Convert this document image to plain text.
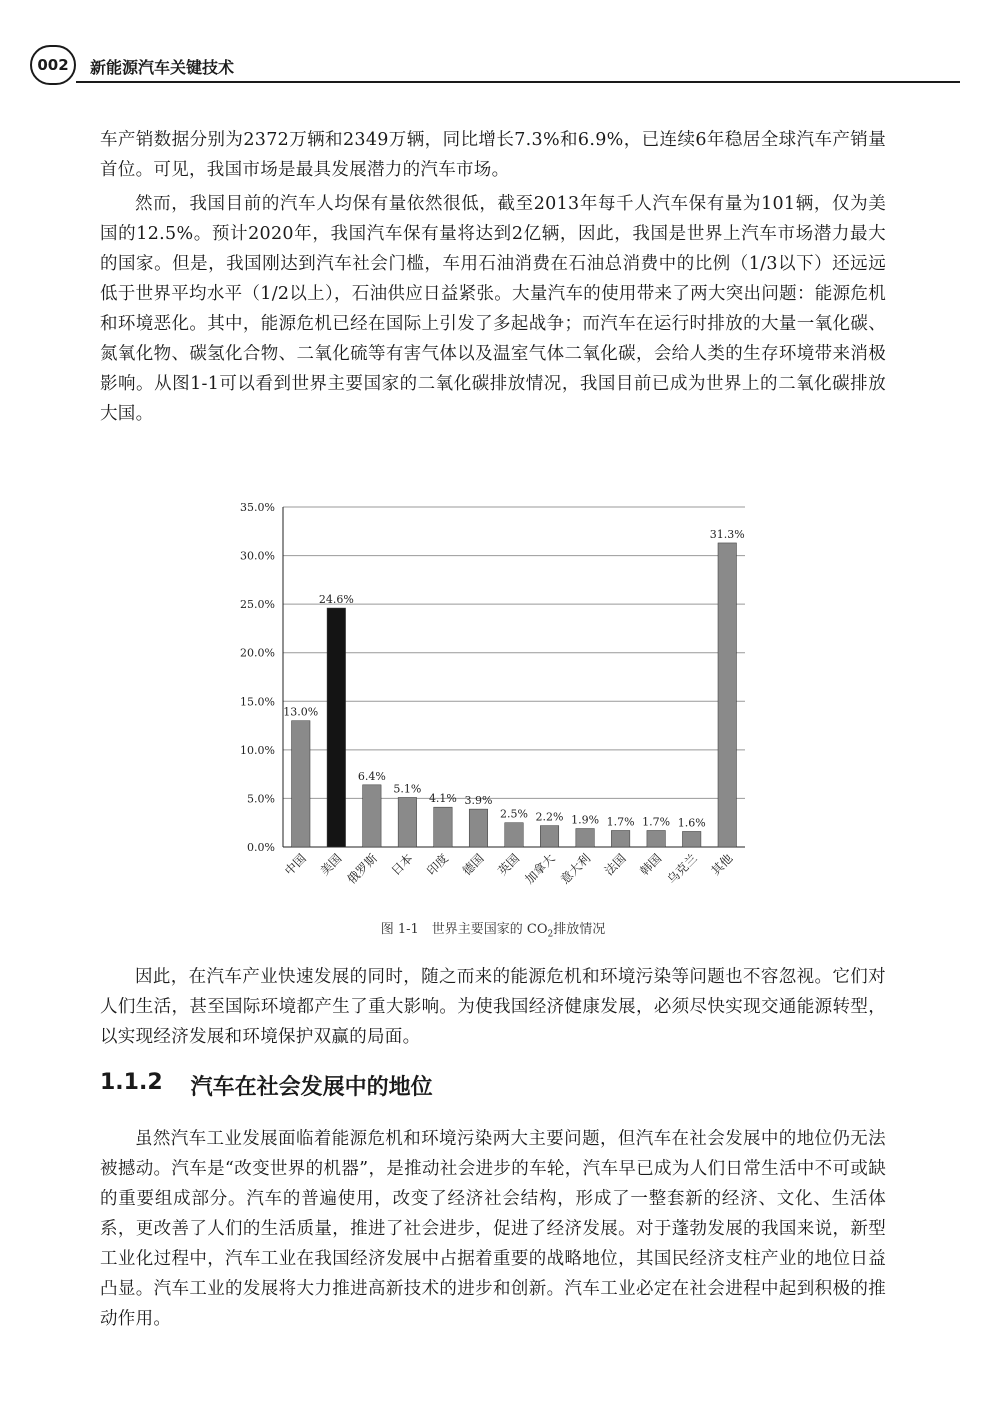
002	新能源汽车关键技术

车产销数据分别为2372万辆和2349万辆，同比增长7.3%和6.9%，已连续6年稳居全球汽车产销量首位。可见，我国市场是最具发展潜力的汽车市场。

然而，我国目前的汽车人均保有量依然很低，截至2013年每千人汽车保有量为101辆，仅为美国的12.5%。预计2020年，我国汽车保有量将达到2亿辆，因此，我国是世界上汽车市场潜力最大的国家。但是，我国刚达到汽车社会门槛，车用石油消费在石油总消费中的比例（1/3以下）还远远低于世界平均水平（1/2以上），石油供应日益紧张。大量汽车的使用带来了两大突出问题：能源危机和环境恶化。其中，能源危机已经在国际上引发了多起战争；而汽车在运行时排放的大量一氧化碳、氮氧化物、碳氢化合物、二氧化硫等有害气体以及温室气体二氧化碳，会给人类的生存环境带来消极影响。从图1-1可以看到世界主要国家的二氧化碳排放情况，我国目前已成为世界上的二氧化碳排放大国。

0.0%
5.0%
10.0%
15.0%
20.0%
25.0%
30.0%
35.0%
13.0%
24.6%
6.4%
5.1%
4.1% 3.9%
2.5% 2.2% 1.9% 1.7% 1.7% 1.6%
31.3%
中国 美国 俄罗斯 日本 印度 德国 英国 加拿大 意大利 法国 韩国 乌克兰 其他
图 1-1　世界主要国家的 $CO_2$排放情况

因此，在汽车产业快速发展的同时，随之而来的能源危机和环境污染等问题也不容忽视。它们对人们生活，甚至国际环境都产生了重大影响。为使我国经济健康发展，必须尽快实现交通能源转型，以实现经济发展和环境保护双赢的局面。

1.1.2 汽车在社会发展中的地位

虽然汽车工业发展面临着能源危机和环境污染两大主要问题，但汽车在社会发展中的地位仍无法被撼动。汽车是“改变世界的机器”，是推动社会进步的车轮，汽车早已成为人们日常生活中不可或缺的重要组成部分。汽车的普遍使用，改变了经济社会结构，形成了一整套新的经济、文化、生活体系，更改善了人们的生活质量，推进了社会进步，促进了经济发展。对于蓬勃发展的我国来说，新型工业化过程中，汽车工业在我国经济发展中占据着重要的战略地位，其国民经济支柱产业的地位日益凸显。汽车工业的发展将大力推进高新技术的进步和创新。汽车工业必定在社会进程中起到积极的推动作用。
